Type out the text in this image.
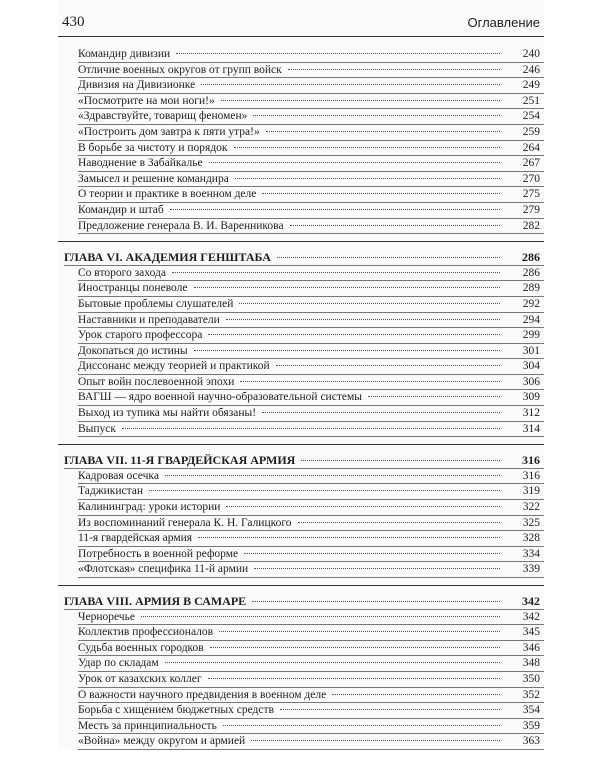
430	Оглавление
Командир дивизии	240
Отличие военных округов от групп войск	246
Дивизия на Дивизионке	249
«Посмотрите на мои ноги!»	251
«Здравствуйте, товарищ феномен»	254
«Построить дом завтра к пяти утра!»	259
В борьбе за чистоту и порядок	264
Наводнение в Забайкалье	267
Замысел и решение командира	270
О теории и практике в военном деле	275
Командир и штаб	279
Предложение генерала В. И. Варенникова	282
ГЛАВА VI. АКАДЕМИЯ ГЕНШТАБА	286
Со второго захода	286
Иностранцы поневоле	289
Бытовые проблемы слушателей	292
Наставники и преподаватели	294
Урок старого профессора	299
Докопаться до истины	301
Диссонанс между теорией и практикой	304
Опыт войн послевоенной эпохи	306
ВАГШ — ядро военной научно-образовательной системы	309
Выход из тупика мы найти обязаны!	312
Выпуск	314
ГЛАВА VII. 11-Я ГВАРДЕЙСКАЯ АРМИЯ	316
Кадровая осечка	316
Таджикистан	319
Калининград: уроки истории	322
Из воспоминаний генерала К. Н. Галицкого	325
11-я гвардейская армия	328
Потребность в военной реформе	334
«Флотская» специфика 11-й армии	339
ГЛАВА VIII. АРМИЯ В САМАРЕ	342
Черноречье	342
Коллектив профессионалов	345
Судьба военных городков	346
Удар по складам	348
Урок от казахских коллег	350
О важности научного предвидения в военном деле	352
Борьба с хищением бюджетных средств	354
Месть за принципиальность	359
«Война» между округом и армией	363
